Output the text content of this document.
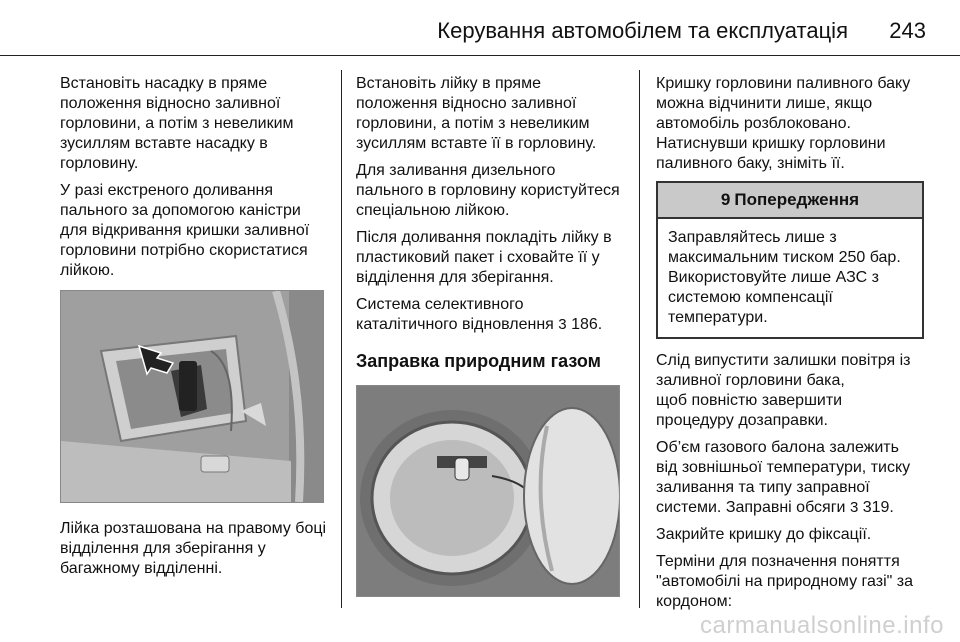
Керування автомобілем та експлуатація 243

Встановіть насадку в пряме
положення відносно заливної
горловини, а потім з невеликим
зусиллям вставте насадку в
горловину.

У разі екстреного доливання
пального за допомогою каністри
для відкривання кришки заливної
горловини потрібно скористатися
лійкою.

Лійка розташована на правому боці
відділення для зберігання у
багажному відділенні.

Встановіть лійку в пряме
положення відносно заливної
горловини, а потім з невеликим
зусиллям вставте її в горловину.

Для заливання дизельного
пального в горловину користуйтеся
спеціальною лійкою.

Після доливання покладіть лійку в
пластиковий пакет і сховайте її у
відділення для зберігання.

Система селективного
каталітичного відновлення 3 186.

Заправка природним газом

Кришку горловини паливного баку
можна відчинити лише, якщо
автомобіль розблоковано.
Натиснувши кришку горловини
паливного баку, зніміть її.

9 Попередження
Заправляйтесь лише з
максимальним тиском 250 бар.
Використовуйте лише АЗС з
системою компенсації
температури.

Слід випустити залишки повітря із
заливної горловини бака,
щоб повністю завершити
процедуру дозаправки.

Об’єм газового балона залежить
від зовнішньої температури, тиску
заливання та типу заправної
системи. Заправні обсяги 3 319.

Закрийте кришку до фіксації.

Терміни для позначення поняття
"автомобілі на природному газі" за
кордоном:

carmanualsonline.info
